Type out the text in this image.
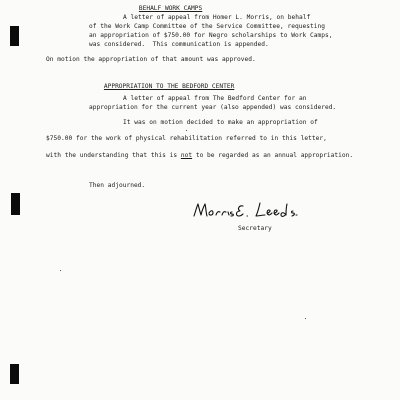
BEHALF WORK CAMPS

A letter of appeal from Homer L. Morris, on behalf
of the Work Camp Committee of the Service Committee, requesting
an appropriation of $750.00 for Negro scholarships to Work Camps,
was considered.  This communication is appended.
On motion the appropriation of that amount was approved.

APPROPRIATION TO THE BEDFORD CENTER

A letter of appeal from The Bedford Center for an
appropriation for the current year (also appended) was considered.
It was on motion decided to make an appropriation of
$750.00 for the work of physical rehabilitation referred to in this letter,
with the understanding that this is not to be regarded as an annual appropriation.
Then adjourned.
Secretary
